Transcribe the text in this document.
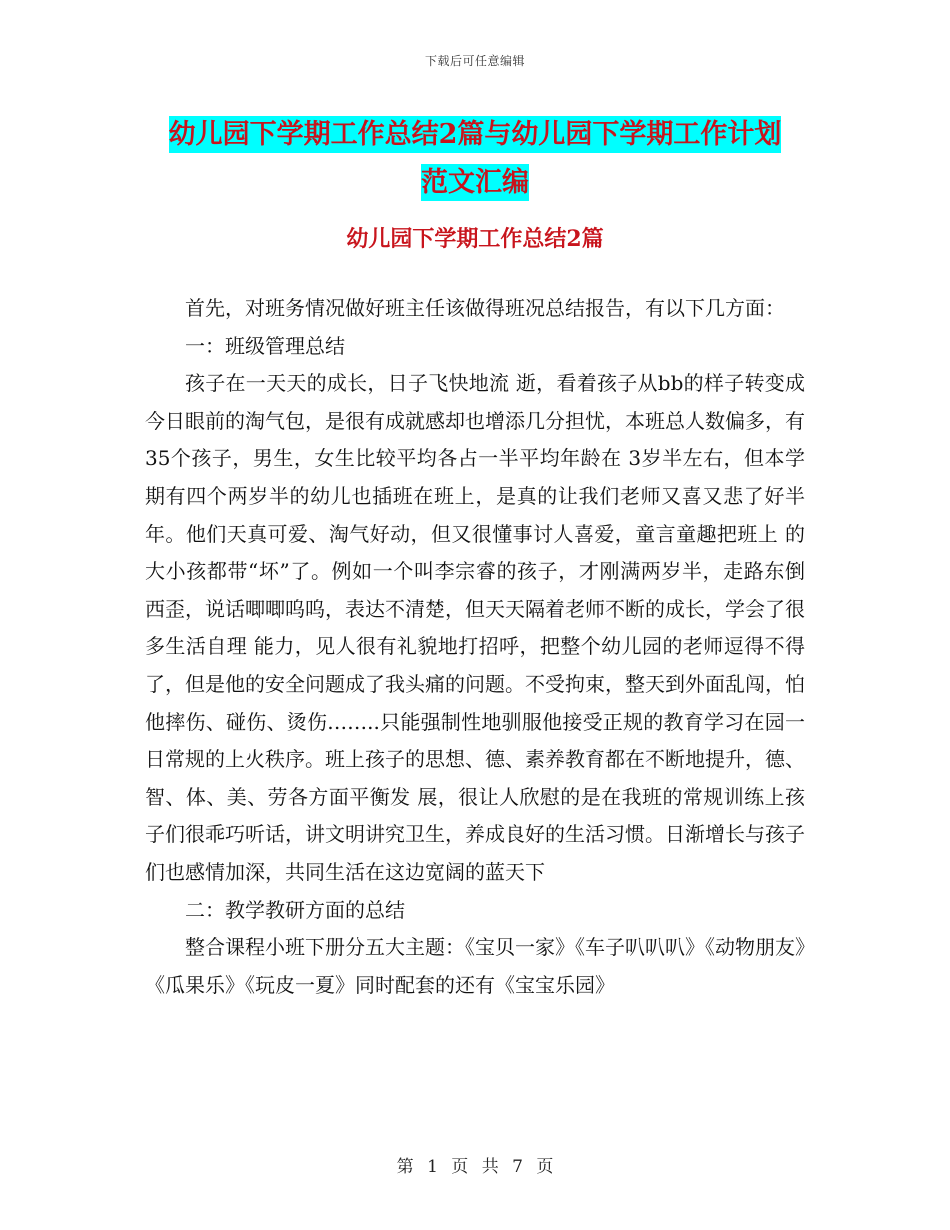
下载后可任意编辑
幼儿园下学期工作总结2篇与幼儿园下学期工作计划
范文汇编
幼儿园下学期工作总结2篇

首先，对班务情况做好班主任该做得班况总结报告，有以下几方面：

一：班级管理总结

孩子在一天天的成长，日子飞快地流 逝，看着孩子从bb的样子转变成今日眼前的淘气包，是很有成就感却也增添几分担忧，本班总人数偏多，有35个孩子，男生，女生比较平均各占一半平均年龄在 3岁半左右，但本学期有四个两岁半的幼儿也插班在班上，是真的让我们老师又喜又悲了好半年。他们天真可爱、淘气好动，但又很懂事讨人喜爱，童言童趣把班上 的大小孩都带“坏”了。例如一个叫李宗睿的孩子，才刚满两岁半，走路东倒西歪，说话唧唧呜呜，表达不清楚，但天天隔着老师不断的成长，学会了很多生活自理 能力，见人很有礼貌地打招呼，把整个幼儿园的老师逗得不得了，但是他的安全问题成了我头痛的问题。不受拘束，整天到外面乱闯，怕他摔伤、碰伤、烫伤……..只能强制性地驯服他接受正规的教育学习在园一日常规的上火秩序。班上孩子的思想、德、素养教育都在不断地提升，德、智、体、美、劳各方面平衡发 展，很让人欣慰的是在我班的常规训练上孩子们很乖巧听话，讲文明讲究卫生，养成良好的生活习惯。日渐增长与孩子们也感情加深，共同生活在这边宽阔的蓝天下

二：教学教研方面的总结

整合课程小班下册分五大主题：《宝贝一家》《车子叭叭叭》《动物朋友》《瓜果乐》《玩皮一夏》同时配套的还有《宝宝乐园》

第 1 页 共 7 页
